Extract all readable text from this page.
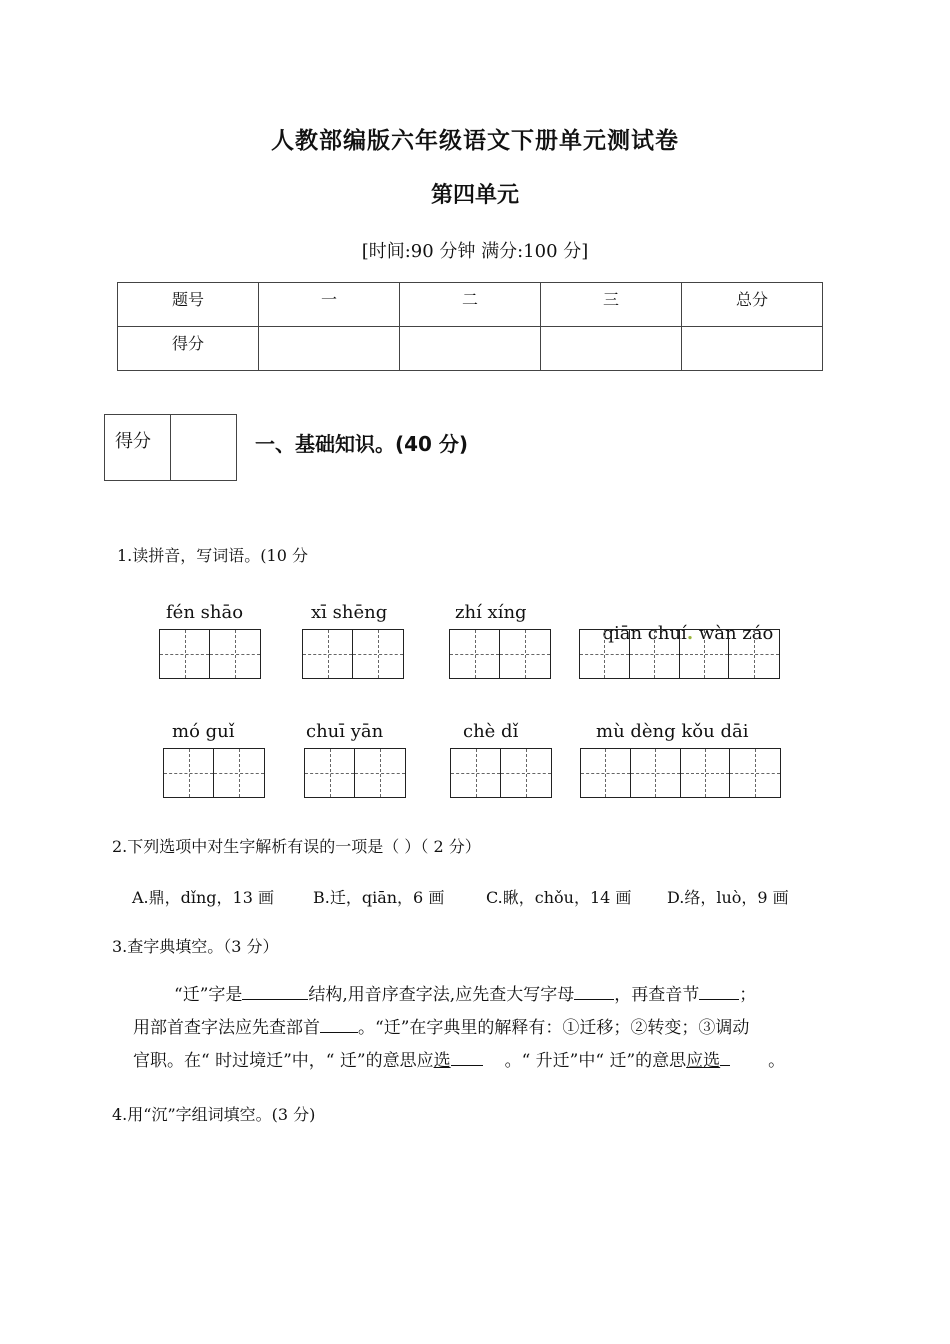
人教部编版六年级语文下册单元测试卷
第四单元
[时间:90 分钟 满分:100 分]
题号	一	二	三	总分
得分				
得分	一、基础知识。(40 分)
1.读拼音，写词语。(10 分
fén shāo	xī shēng	zhí xíng

qiān chuí. wàn záo

mó guǐ	chuī yān	chè dǐ	mù dèng kǒu dāi
2.下列选项中对生字解析有误的一项是（ ）（ 2 分）
A.鼎，dǐng，13 画 B.迁，qiān，6 画	C.瞅，chǒu，14 画 D.络，luò，9 画
3.查字典填空。（3 分）
“迁”字是	结构,用音序查字法,应先查大写字母 ，再查音节 ；
用部首查字法应先查部首 。“迁”在字典里的解释有：①迁移；②转变；③调动
官职。在“ 时过境迁”中，“ 迁”的意思应选	。“ 升迁”中“ 迁”的意思应选	。
4.用“沉”字组词填空。(3 分)
